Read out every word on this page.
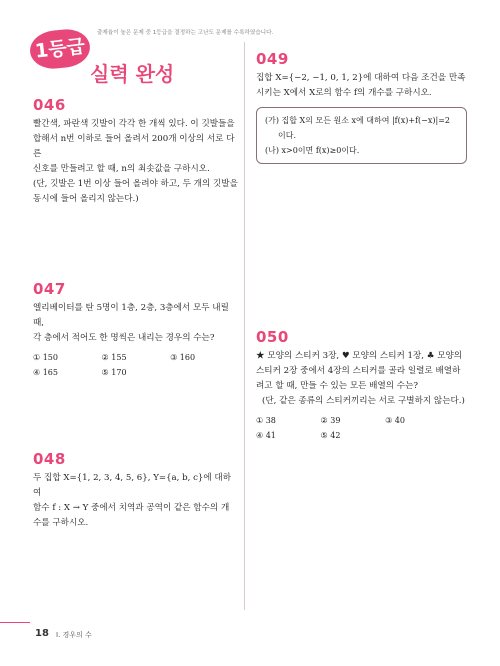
1등급
실력 완성
출제율이 높은 문제 중 1등급을 결정하는 고난도 문제를 수록하였습니다.
046
빨간색, 파란색 깃발이 각각 한 개씩 있다. 이 깃발들을
합해서 n번 이하로 들어 올려서 200개 이상의 서로 다른
신호를 만들려고 할 때, n의 최솟값을 구하시오.
(단, 깃발은 1번 이상 들어 올려야 하고, 두 개의 깃발을
동시에 들어 올리지 않는다.)
047
엘리베이터를 탄 5명이 1층, 2층, 3층에서 모두 내릴 때,
각 층에서 적어도 한 명씩은 내리는 경우의 수는?
① 150	② 155	③ 160
④ 165	⑤ 170
048
두 집합 X={1, 2, 3, 4, 5, 6}, Y={a, b, c}에 대하여
함수 f : X → Y 중에서 치역과 공역이 같은 함수의 개
수를 구하시오.
049
집합 X={−2, −1, 0, 1, 2}에 대하여 다음 조건을 만족
시키는 X에서 X로의 함수 f의 개수를 구하시오.
(가) 집합 X의 모든 원소 x에 대하여 |f(x)+f(−x)|=2
이다.
(나) x>0이면 f(x)≥0이다.
050
★ 모양의 스티커 3장, ♥ 모양의 스티커 1장, ♣ 모양의
스티커 2장 중에서 4장의 스티커를 골라 일렬로 배열하
려고 할 때, 만들 수 있는 모든 배열의 수는?
(단, 같은 종류의 스티커끼리는 서로 구별하지 않는다.)
① 38	② 39	③ 40
④ 41	⑤ 42
18 I. 경우의 수
